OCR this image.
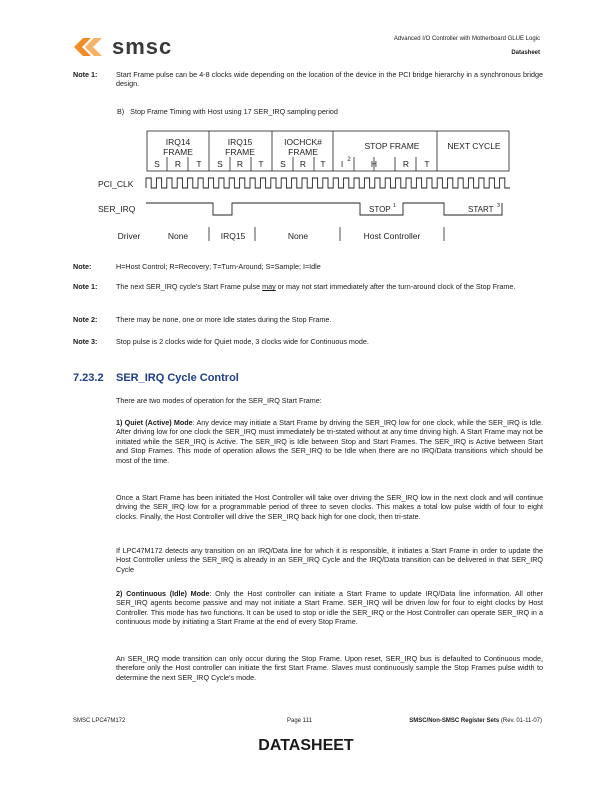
smsc	Advanced I/O Controller with Motherboard GLUE Logic
Datasheet
Note 1:	Start Frame pulse can be 4-8 clocks wide depending on the location of the device in the PCI bridge hierarchy in a synchronous bridge design.
B)   Stop Frame Timing with Host using 17 SER_IRQ sampling period
IRQ14
FRAME
IRQ15
FRAME
IOCHCK#
FRAME
S R T S R T S R T I 2
STOP FRAME
H	R T
NEXT CYCLE
PCI_CLK
SER_IRQ	STOP 1	START 3
Driver	None	IRQ15	None	Host Controller
Note:	H=Host Control; R=Recovery; T=Turn-Around; S=Sample; I=Idle
Note 1:	The next SER_IRQ cycle’s Start Frame pulse may or may not start immediately after the turn-around clock of the Stop Frame.
Note 2:	There may be none, one or more Idle states during the Stop Frame.
Note 3:	Stop pulse is 2 clocks wide for Quiet mode, 3 clocks wide for Continuous mode.
7.23.2 SER_IRQ Cycle Control
There are two modes of operation for the SER_IRQ Start Frame:
1) Quiet (Active) Mode: Any device may initiate a Start Frame by driving the SER_IRQ low for one clock, while the SER_IRQ is Idle. After driving low for one clock the SER_IRQ must immediately be tri-stated without at any time driving high. A Start Frame may not be initiated while the SER_IRQ is Active. The SER_IRQ is Idle between Stop and Start Frames. The SER_IRQ is Active between Start and Stop Frames. This mode of operation allows the SER_IRQ to be Idle when there are no IRQ/Data transitions which should be most of the time.
Once a Start Frame has been initiated the Host Controller will take over driving the SER_IRQ low in the next clock and will continue driving the SER_IRQ low for a programmable period of three to seven clocks. This makes a total low pulse width of four to eight clocks. Finally, the Host Controller will drive the SER_IRQ back high for one clock, then tri-state.
If LPC47M172 detects any transition on an IRQ/Data line for which it is responsible, it initiates a Start Frame in order to update the Host Controller unless the SER_IRQ is already in an SER_IRQ Cycle and the IRQ/Data transition can be delivered in that SER_IRQ Cycle
2) Continuous (Idle) Mode: Only the Host controller can initiate a Start Frame to update IRQ/Data line information. All other SER_IRQ agents become passive and may not initiate a Start Frame. SER_IRQ will be driven low for four to eight clocks by Host Controller. This mode has two functions. It can be used to stop or idle the SER_IRQ or the Host Controller can operate SER_IRQ in a continuous mode by initiating a Start Frame at the end of every Stop Frame.
An SER_IRQ mode transition can only occur during the Stop Frame. Upon reset, SER_IRQ bus is defaulted to Continuous mode, therefore only the Host controller can initiate the first Start Frame. Slaves must continuously sample the Stop Frames pulse width to determine the next SER_IRQ Cycle’s mode.
SMSC LPC47M172	Page 111	SMSC/Non-SMSC Register Sets (Rev. 01-11-07)
DATASHEET
